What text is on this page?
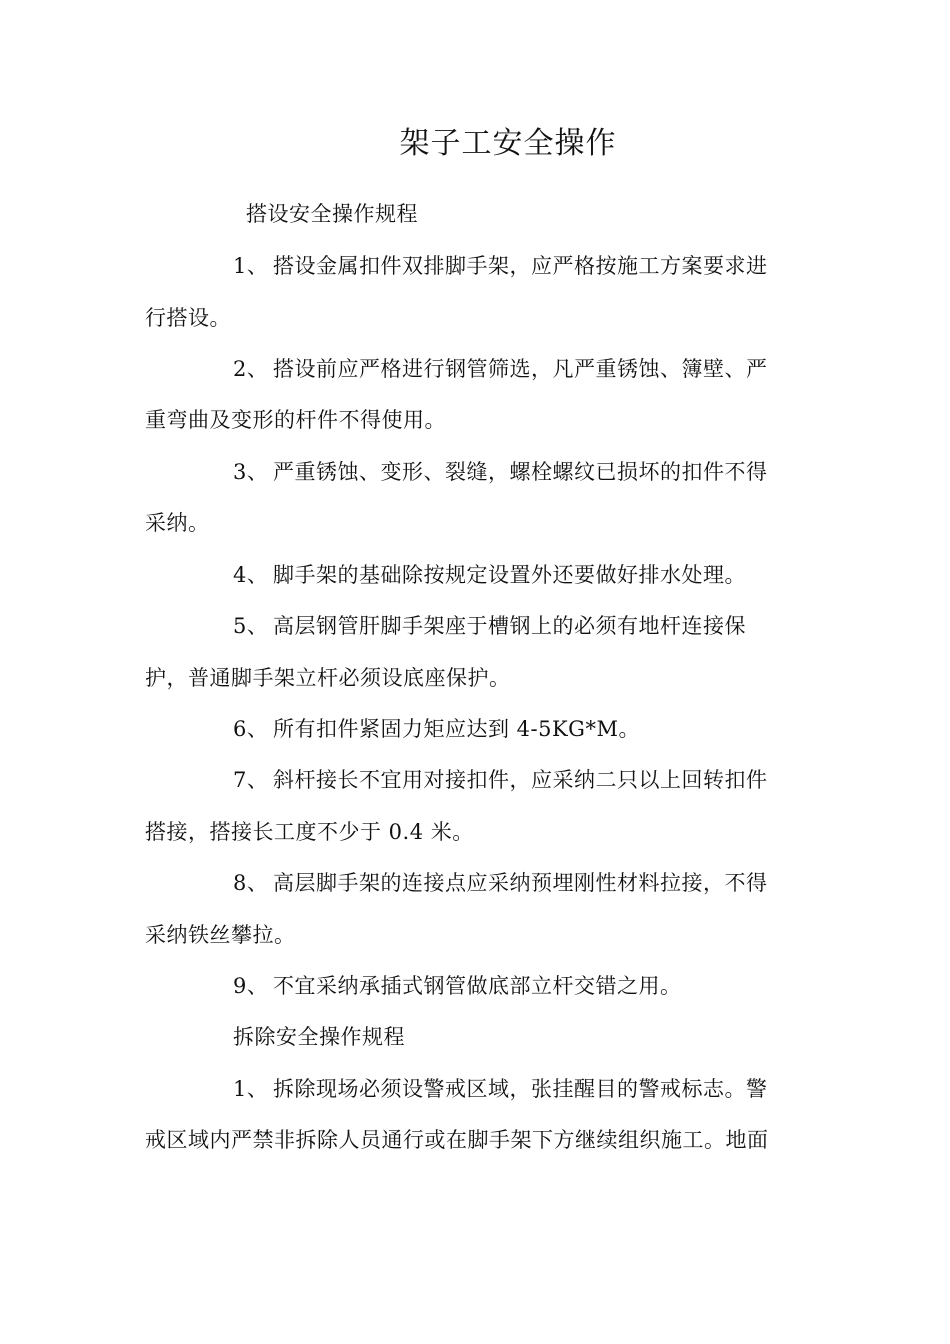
架子工安全操作
搭设安全操作规程
1、 搭设金属扣件双排脚手架，应严格按施工方案要求进
行搭设。
2、 搭设前应严格进行钢管筛选，凡严重锈蚀、簿壁、严
重弯曲及变形的杆件不得使用。
3、 严重锈蚀、变形、裂缝，螺栓螺纹已损坏的扣件不得
采纳。
4、 脚手架的基础除按规定设置外还要做好排水处理。
5、 高层钢管肝脚手架座于槽钢上的必须有地杆连接保
护，普通脚手架立杆必须设底座保护。
6、 所有扣件紧固力矩应达到 4-5KG*M。
7、 斜杆接长不宜用对接扣件，应采纳二只以上回转扣件
搭接，搭接长工度不少于 0.4 米。
8、 高层脚手架的连接点应采纳预埋刚性材料拉接，不得
采纳铁丝攀拉。
9、 不宜采纳承插式钢管做底部立杆交错之用。
拆除安全操作规程
1、 拆除现场必须设警戒区域，张挂醒目的警戒标志。警
戒区域内严禁非拆除人员通行或在脚手架下方继续组织施工。地面
